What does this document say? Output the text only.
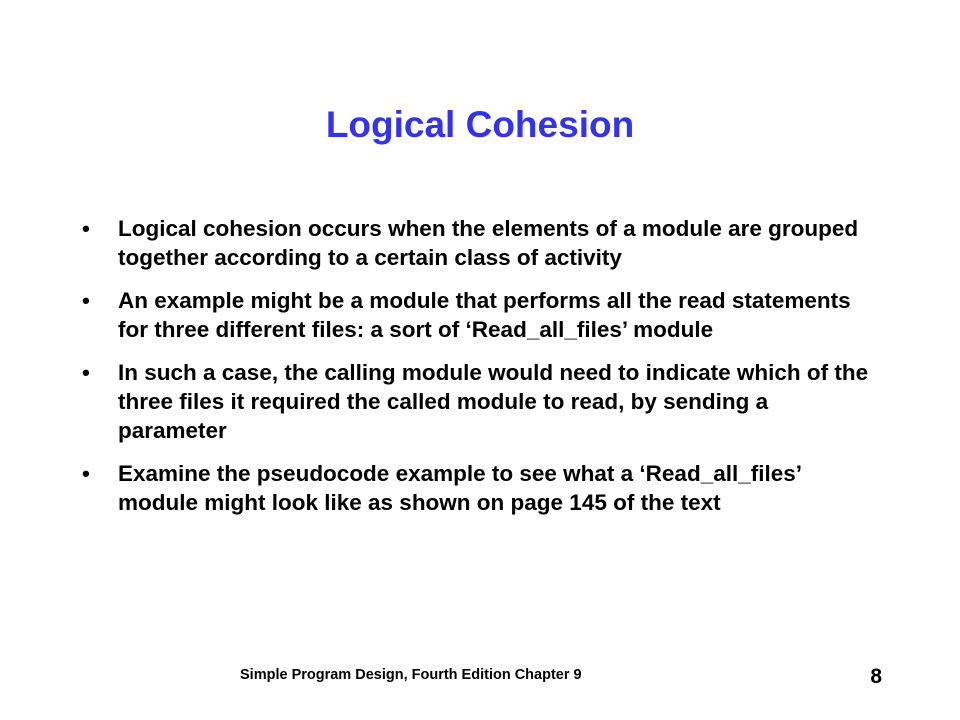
Logical Cohesion
•	Logical cohesion occurs when the elements of a module are grouped together according to a certain class of activity
•	An example might be a module that performs all the read statements for three different files: a sort of ‘Read_all_files’ module
•	In such a case, the calling module would need to indicate which of the three files it required the called module to read, by sending a parameter
•	Examine the pseudocode example to see what a ‘Read_all_files’ module might look like as shown on page 145 of the text
Simple Program Design, Fourth Edition Chapter 9	8
